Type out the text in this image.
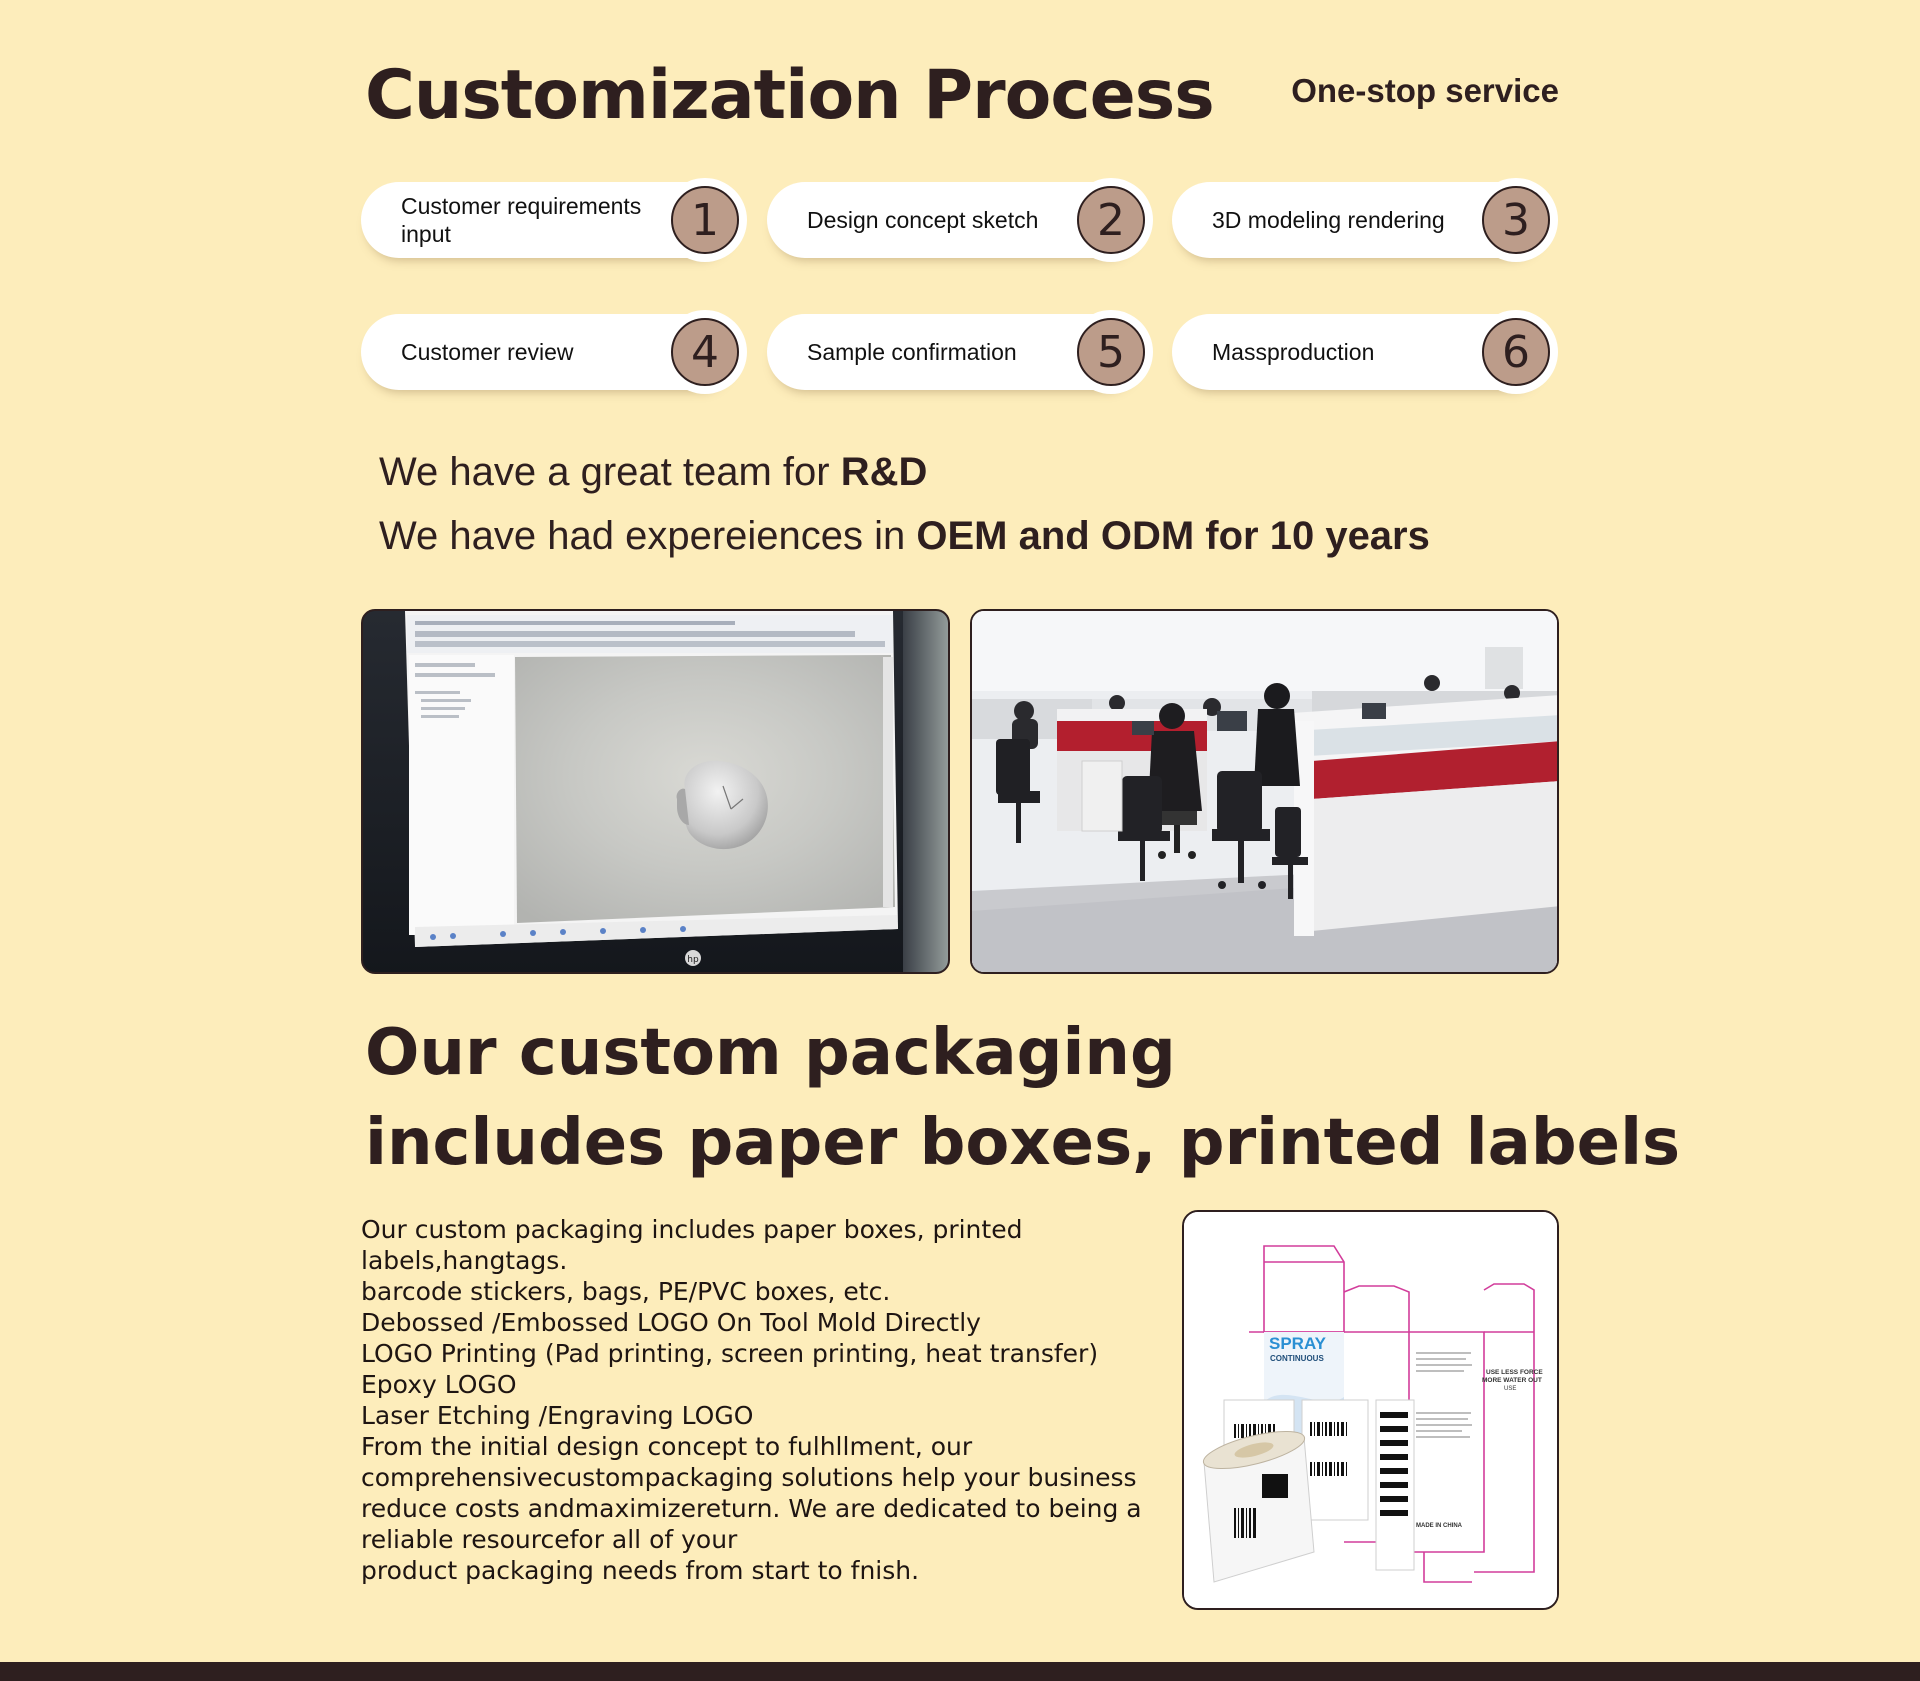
Customization Process One-stop service
Customer requirements input	1	Design concept sketch	2	3D modeling rendering	3
Customer review	4	Sample confirmation	5	Massproduction	6
We have a great team for R&D
We have had expereiences in OEM and ODM for 10 years
hp
Our custom packaging
includes paper boxes, printed labels
Our custom packaging includes paper boxes, printed
labels,hangtags.
barcode stickers, bags, PE/PVC boxes, etc.
Debossed /Embossed LOGO On Tool Mold Directly
LOGO Printing (Pad printing, screen printing, heat transfer)
Epoxy LOGO
Laser Etching /Engraving LOGO
From the initial design concept to fulhllment, our
comprehensivecustompackaging solutions help your business
reduce costs andmaximizereturn. We are dedicated to being a
reliable resourcefor all of your
product packaging needs from start to fnish.
SPRAY
CONTINUOUS
USE LESS FORCE
MORE WATER OUT
USE
MADE IN CHINA
